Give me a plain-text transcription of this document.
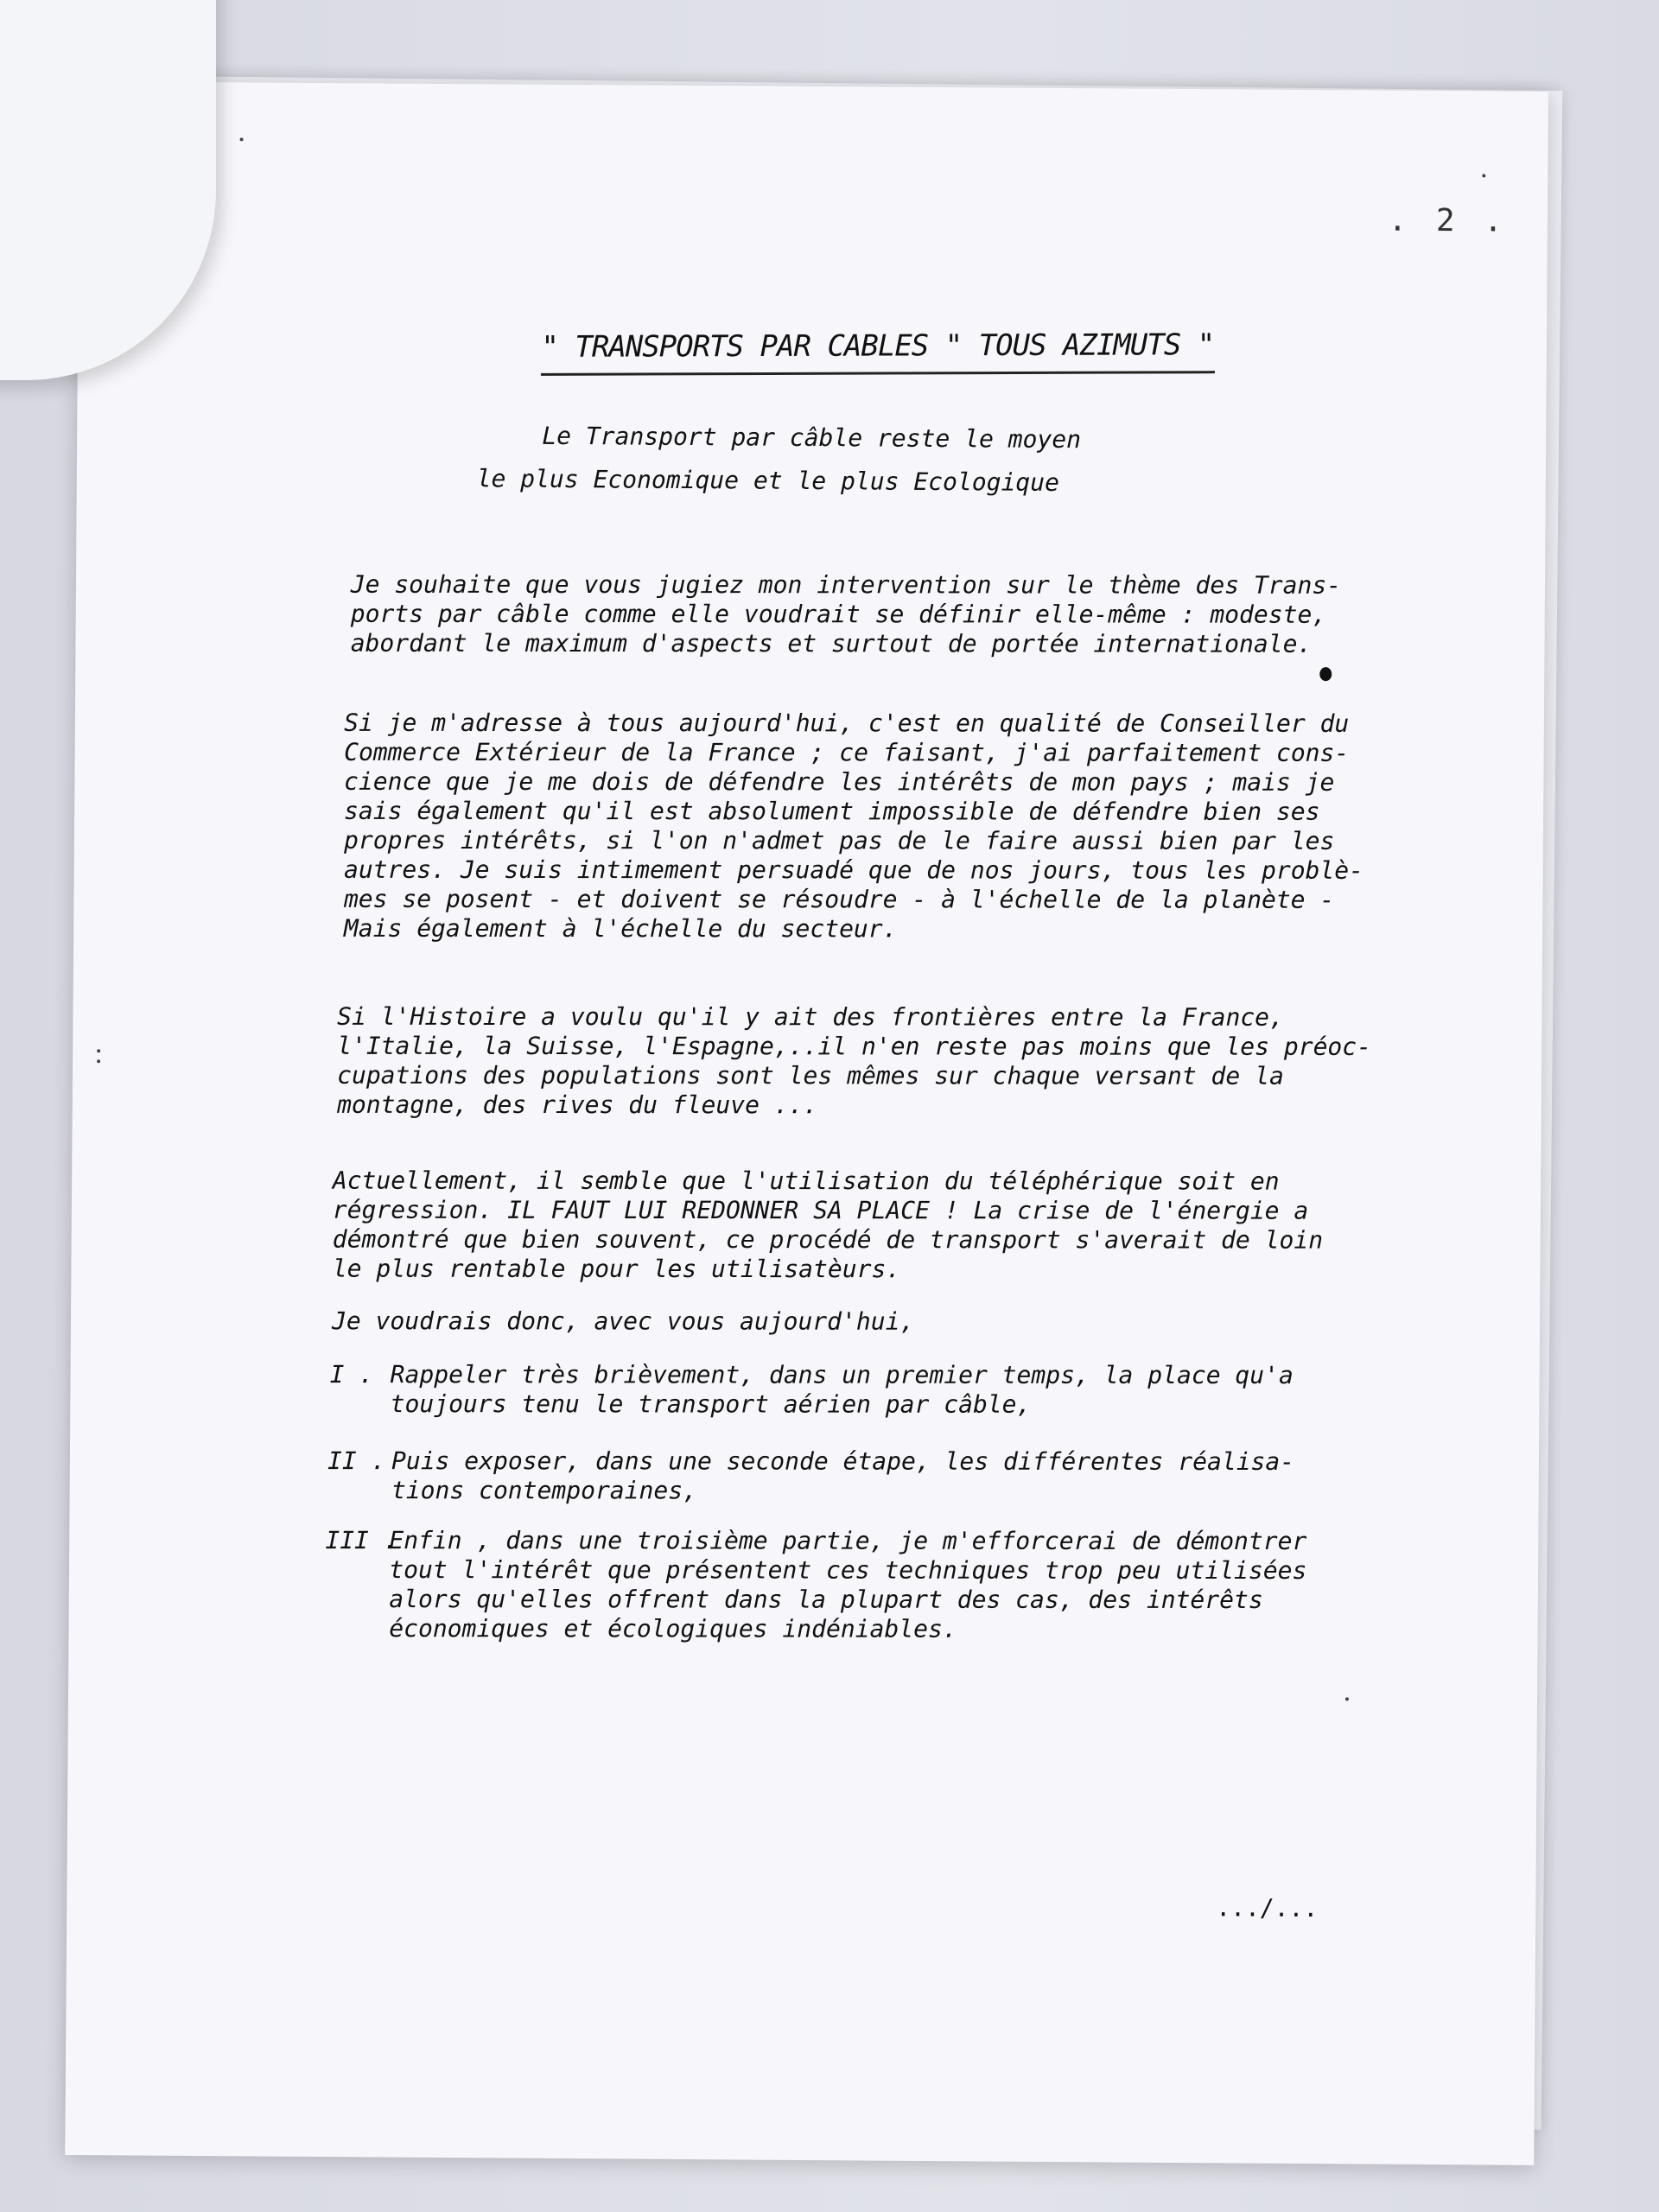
. 2 .
" TRANSPORTS PAR CABLES " TOUS AZIMUTS "
Le Transport par câble reste le moyen
le plus Economique et le plus Ecologique
Je souhaite que vous jugiez mon intervention sur le thème des Trans-
ports par câble comme elle voudrait se définir elle-même : modeste,
abordant le maximum d'aspects et surtout de portée internationale.
Si je m'adresse à tous aujourd'hui, c'est en qualité de Conseiller du
Commerce Extérieur de la France ; ce faisant, j'ai parfaitement cons-
cience que je me dois de défendre les intérêts de mon pays ; mais je
sais également qu'il est absolument impossible de défendre bien ses
propres intérêts, si l'on n'admet pas de le faire aussi bien par les
autres. Je suis intimement persuadé que de nos jours, tous les problè-
mes se posent - et doivent se résoudre - à l'échelle de la planète -
Mais également à l'échelle du secteur.
Si l'Histoire a voulu qu'il y ait des frontières entre la France,
l'Italie, la Suisse, l'Espagne,..il n'en reste pas moins que les préoc-
cupations des populations sont les mêmes sur chaque versant de la
montagne, des rives du fleuve ...
Actuellement, il semble que l'utilisation du téléphérique soit en
régression. IL FAUT LUI REDONNER SA PLACE ! La crise de l'énergie a
démontré que bien souvent, ce procédé de transport s'averait de loin
le plus rentable pour les utilisatèurs.
Je voudrais donc, avec vous aujourd'hui,
I . Rappeler très brièvement, dans un premier temps, la place qu'a
toujours tenu le transport aérien par câble,
II . Puis exposer, dans une seconde étape, les différentes réalisa-
tions contemporaines,
III .
Enfin , dans une troisième partie, je m'efforcerai de démontrer
tout l'intérêt que présentent ces techniques trop peu utilisées
alors qu'elles offrent dans la plupart des cas, des intérêts
économiques et écologiques indéniables.
.../...
